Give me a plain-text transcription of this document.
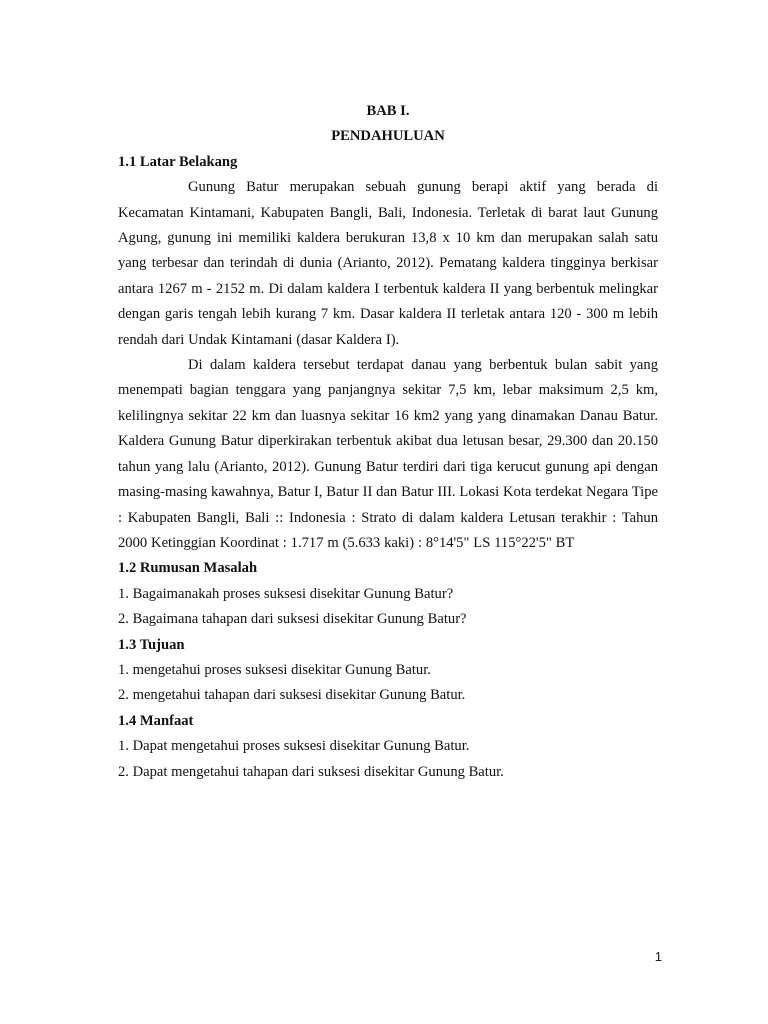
BAB I.

PENDAHULUAN

1.1 Latar Belakang

Gunung Batur merupakan sebuah gunung berapi aktif yang berada di Kecamatan Kintamani, Kabupaten Bangli, Bali, Indonesia. Terletak di barat laut Gunung Agung, gunung ini memiliki kaldera berukuran 13,8 x 10 km dan merupakan salah satu yang terbesar dan terindah di dunia (Arianto, 2012). Pematang kaldera tingginya berkisar antara 1267 m - 2152 m. Di dalam kaldera I terbentuk kaldera II yang berbentuk melingkar dengan garis tengah lebih kurang 7 km. Dasar kaldera II terletak antara 120 - 300 m lebih rendah dari Undak Kintamani (dasar Kaldera I).

Di dalam kaldera tersebut terdapat danau yang berbentuk bulan sabit yang menempati bagian tenggara yang panjangnya sekitar 7,5 km, lebar maksimum 2,5 km, kelilingnya sekitar 22 km dan luasnya sekitar 16 km2 yang yang dinamakan Danau Batur. Kaldera Gunung Batur diperkirakan terbentuk akibat dua letusan besar, 29.300 dan 20.150 tahun yang lalu (Arianto, 2012). Gunung Batur terdiri dari tiga kerucut gunung api dengan masing-masing kawahnya, Batur I, Batur II dan Batur III. Lokasi Kota terdekat Negara Tipe : Kabupaten Bangli, Bali :: Indonesia : Strato di dalam kaldera Letusan terakhir : Tahun 2000 Ketinggian Koordinat : 1.717 m (5.633 kaki) : 8°14'5" LS 115°22'5" BT

1.2 Rumusan Masalah

1. Bagaimanakah proses suksesi disekitar Gunung Batur?

2. Bagaimana tahapan dari suksesi disekitar Gunung Batur?

1.3 Tujuan

1. mengetahui proses suksesi disekitar Gunung Batur.

2. mengetahui tahapan dari suksesi disekitar Gunung Batur.

1.4 Manfaat

1. Dapat mengetahui proses suksesi disekitar Gunung Batur.

2. Dapat mengetahui tahapan dari suksesi disekitar Gunung Batur.

1
